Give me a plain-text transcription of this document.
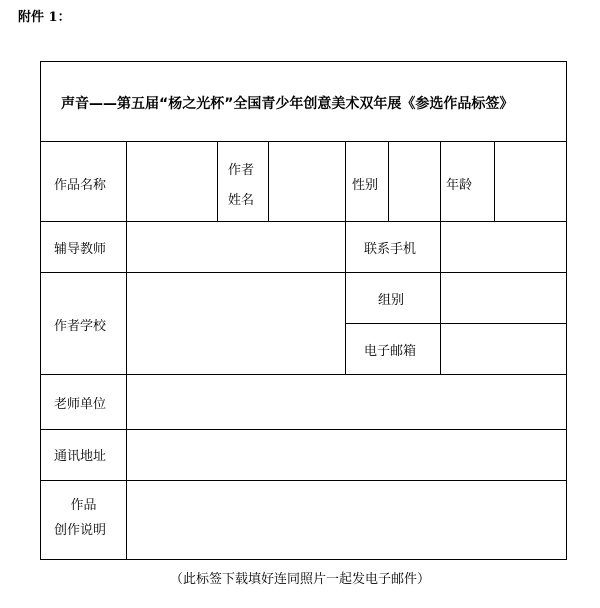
附件 1：
声音——第五届“杨之光杯”全国青少年创意美术双年展《参选作品标签》
作品名称
作者
姓名
性别	年龄
辅导教师	联系手机
作者学校
组别
电子邮箱
老师单位
通讯地址
作品
创作说明
（此标签下载填好连同照片一起发电子邮件）
